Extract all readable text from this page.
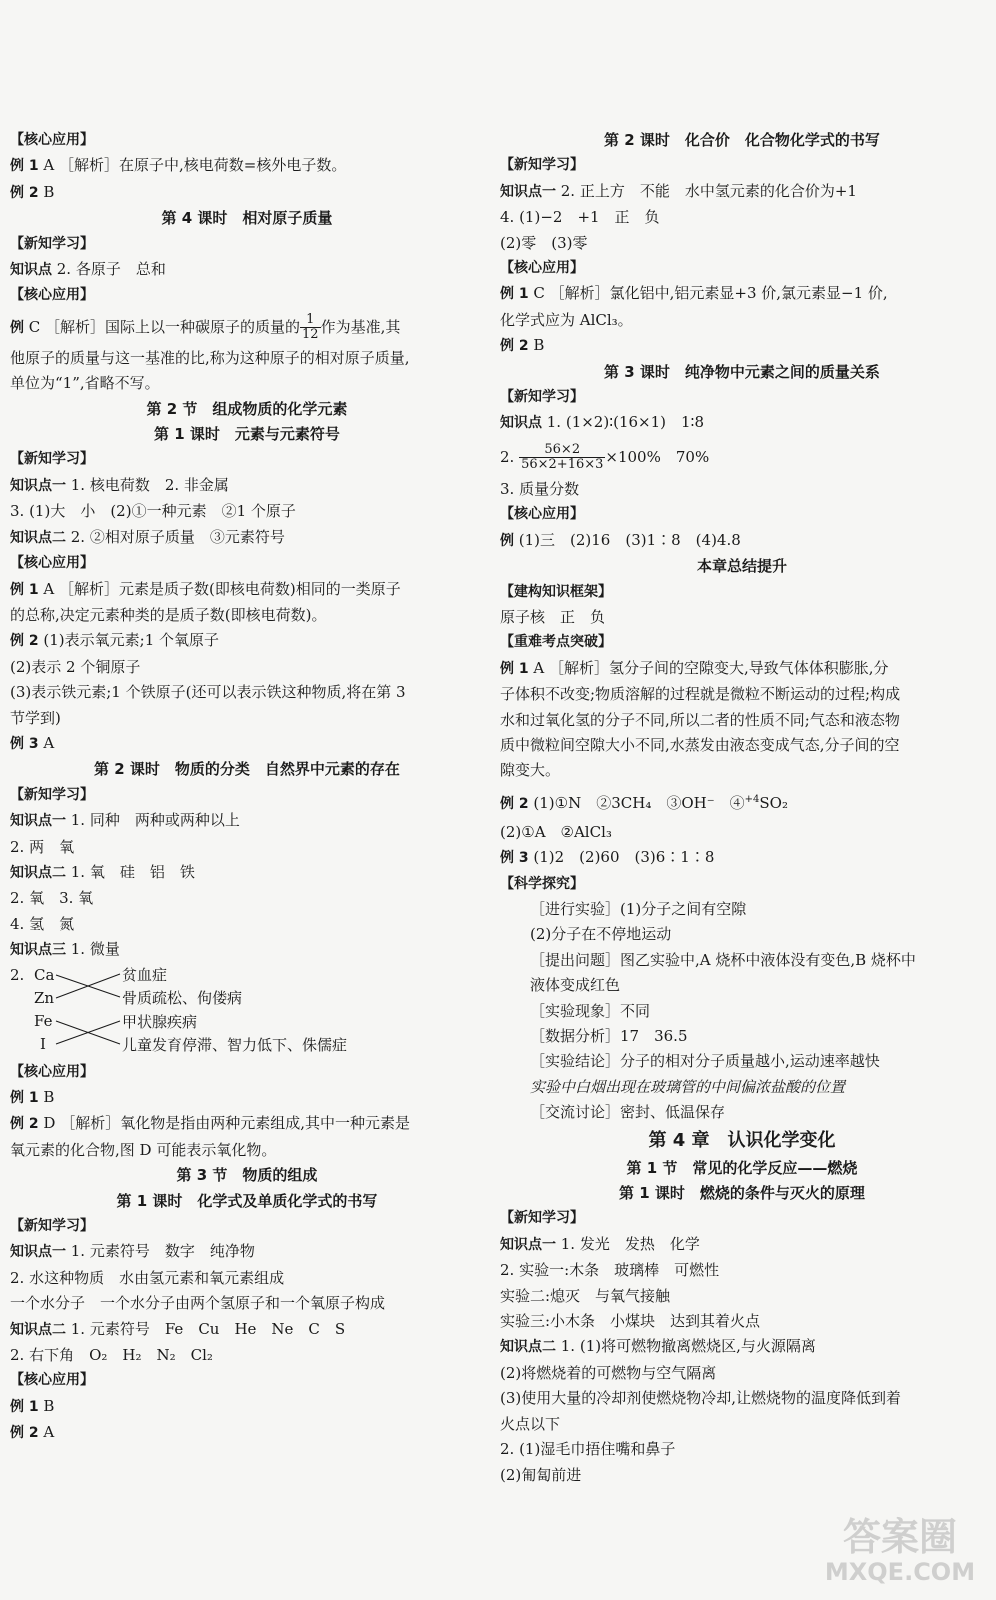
【核心应用】
例 1 A ［解析］在原子中,核电荷数=核外电子数。
例 2 B
第 4 课时　相对原子质量
【新知学习】
知识点 2. 各原子　总和
【核心应用】
例 C ［解析］国际上以一种碳原子的质量的 $\frac{1}{12}$ 作为基准,其
他原子的质量与这一基准的比,称为这种原子的相对原子质量,
单位为“1”,省略不写。
第 2 节　组成物质的化学元素
第 1 课时　元素与元素符号
【新知学习】
知识点一 1. 核电荷数　2. 非金属
3. (1)大　小　(2)①一种元素　②1 个原子
知识点二 2. ②相对原子质量　③元素符号
【核心应用】
例 1 A ［解析］元素是质子数(即核电荷数)相同的一类原子
的总称,决定元素种类的是质子数(即核电荷数)。
例 2 (1)表示氧元素;1 个氧原子
(2)表示 2 个铜原子
(3)表示铁元素;1 个铁原子(还可以表示铁这种物质,将在第 3
节学到)
例 3 A
第 2 课时　物质的分类　自然界中元素的存在
【新知学习】
知识点一 1. 同种　两种或两种以上
2. 两　氧
知识点二 1. 氧　硅　铝　铁
2. 氧　3. 氧
4. 氢　氮
知识点三 1. 微量
2. Ca
Zn
Fe
I
贫血症
骨质疏松、佝偻病
甲状腺疾病
儿童发育停滞、智力低下、侏儒症
【核心应用】
例 1 B
例 2 D ［解析］氧化物是指由两种元素组成,其中一种元素是
氧元素的化合物,图 D 可能表示氧化物。
第 3 节　物质的组成
第 1 课时　化学式及单质化学式的书写
【新知学习】
知识点一 1. 元素符号　数字　纯净物
2. 水这种物质　水由氢元素和氧元素组成
一个水分子　一个水分子由两个氢原子和一个氧原子构成
知识点二 1. 元素符号　Fe　Cu　He　Ne　C　S
2. 右下角　O₂　H₂　N₂　Cl₂
【核心应用】
例 1 B
例 2 A
第 2 课时　化合价　化合物化学式的书写
【新知学习】
知识点一 2. 正上方　不能　水中氢元素的化合价为+1
4. (1)−2　+1　正　负
(2)零　(3)零
【核心应用】
例 1 C ［解析］氯化铝中,铝元素显+3 价,氯元素显−1 价,
化学式应为 AlCl₃。
例 2 B
第 3 课时　纯净物中元素之间的质量关系
【新知学习】
知识点 1. (1×2)∶(16×1)　1∶8
2. $\frac{56\times 2}{56\times 2+16\times 3} \times 100\%$　70%
3. 质量分数
【核心应用】
例 (1)三　(2)16　(3)1∶8　(4)4.8
本章总结提升
【建构知识框架】
原子核　正　负
【重难考点突破】
例 1 A ［解析］氢分子间的空隙变大,导致气体体积膨胀,分
子体积不改变;物质溶解的过程就是微粒不断运动的过程;构成
水和过氧化氢的分子不同,所以二者的性质不同;气态和液态物
质中微粒间空隙大小不同,水蒸发由液态变成气态,分子间的空
隙变大。
例 2 (1)①N　②3CH₄　③OH⁻　④$^{+4}$SO₂
(2)①A　②AlCl₃
例 3 (1)2　(2)60　(3)6∶1∶8
【科学探究】
［进行实验］(1)分子之间有空隙
(2)分子在不停地运动
［提出问题］图乙实验中,A 烧杯中液体没有变色,B 烧杯中
液体变成红色
［实验现象］不同
［数据分析］17　36.5
［实验结论］分子的相对分子质量越小,运动速率越快
实验中白烟出现在玻璃管的中间偏浓盐酸的位置
［交流讨论］密封、低温保存
第 4 章　认识化学变化
第 1 节　常见的化学反应——燃烧
第 1 课时　燃烧的条件与灭火的原理
【新知学习】
知识点一 1. 发光　发热　化学
2. 实验一:木条　玻璃棒　可燃性
实验二:熄灭　与氧气接触
实验三:小木条　小煤块　达到其着火点
知识点二 1. (1)将可燃物撤离燃烧区,与火源隔离
(2)将燃烧着的可燃物与空气隔离
(3)使用大量的冷却剂使燃烧物冷却,让燃烧物的温度降低到着
火点以下
2. (1)湿毛巾捂住嘴和鼻子
(2)匍匐前进
答案圈
MXQE.COM
